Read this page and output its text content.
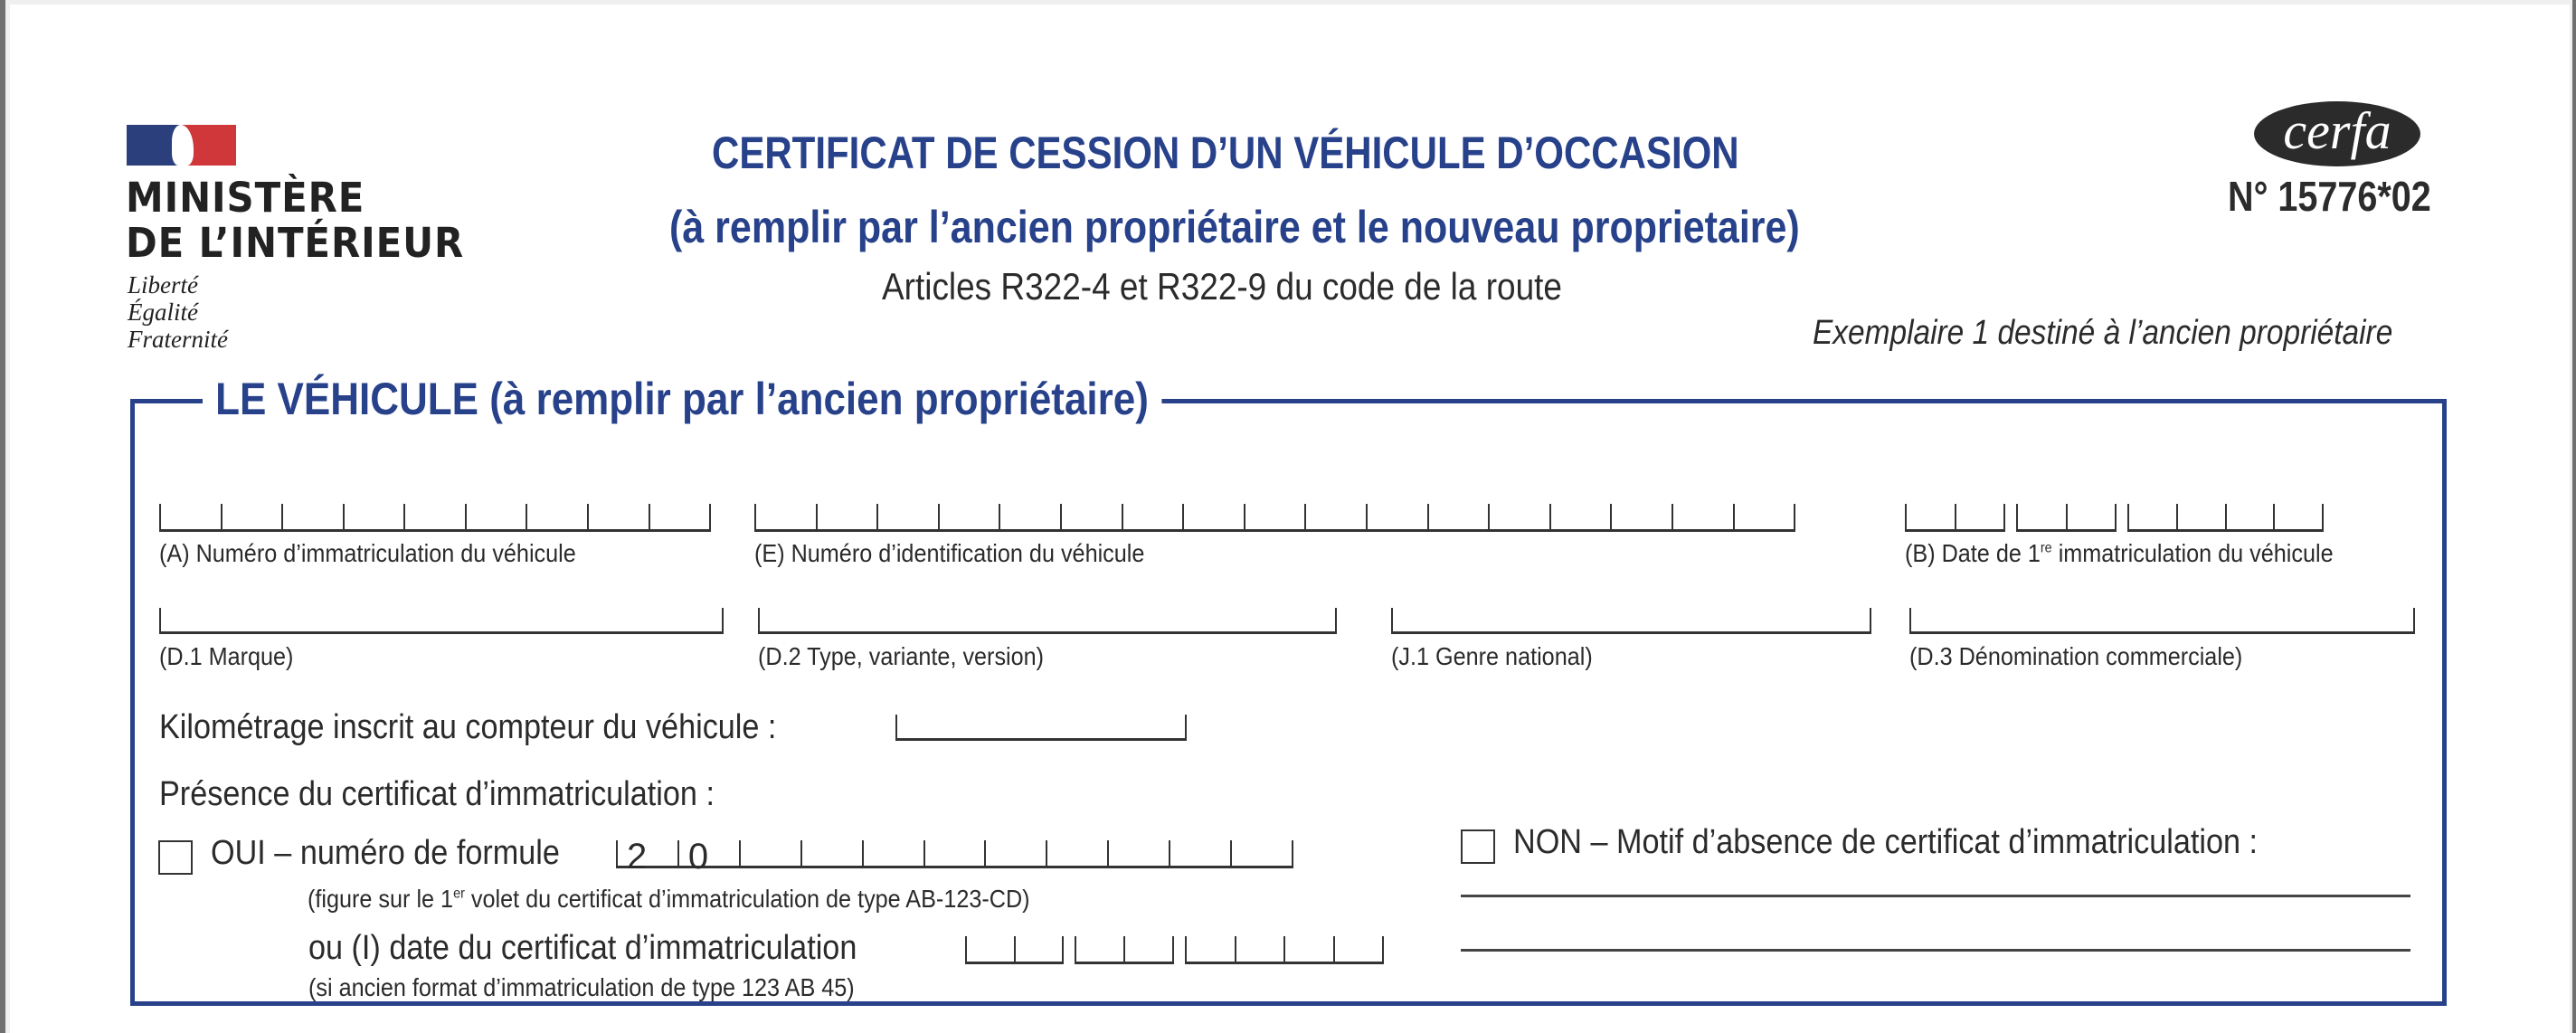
MINISTÈRE
DE L’INTÉRIEUR
Liberté
Égalité
Fraternité
CERTIFICAT DE CESSION D’UN VÉHICULE D’OCCASION
(à remplir par l’ancien propriétaire et le nouveau proprietaire)
Articles R322-4 et R322-9 du code de la route
Exemplaire 1 destiné à l’ancien propriétaire
cerfa
N° 15776*02
LE VÉHICULE (à remplir par l’ancien propriétaire)
(A) Numéro d’immatriculation du véhicule	(E) Numéro d’identification du véhicule	(B) Date de 1re immatriculation du véhicule
(D.1 Marque)	(D.2 Type, variante, version)	(J.1 Genre national)	(D.3 Dénomination commerciale)
Kilométrage inscrit au compteur du véhicule :
Présence du certificat d’immatriculation :
OUI – numéro de formule 2 0
(figure sur le 1er volet du certificat d’immatriculation de type AB-123-CD)
ou (I) date du certificat d’immatriculation
(si ancien format d’immatriculation de type 123 AB 45)
NON – Motif d’absence de certificat d’immatriculation :
